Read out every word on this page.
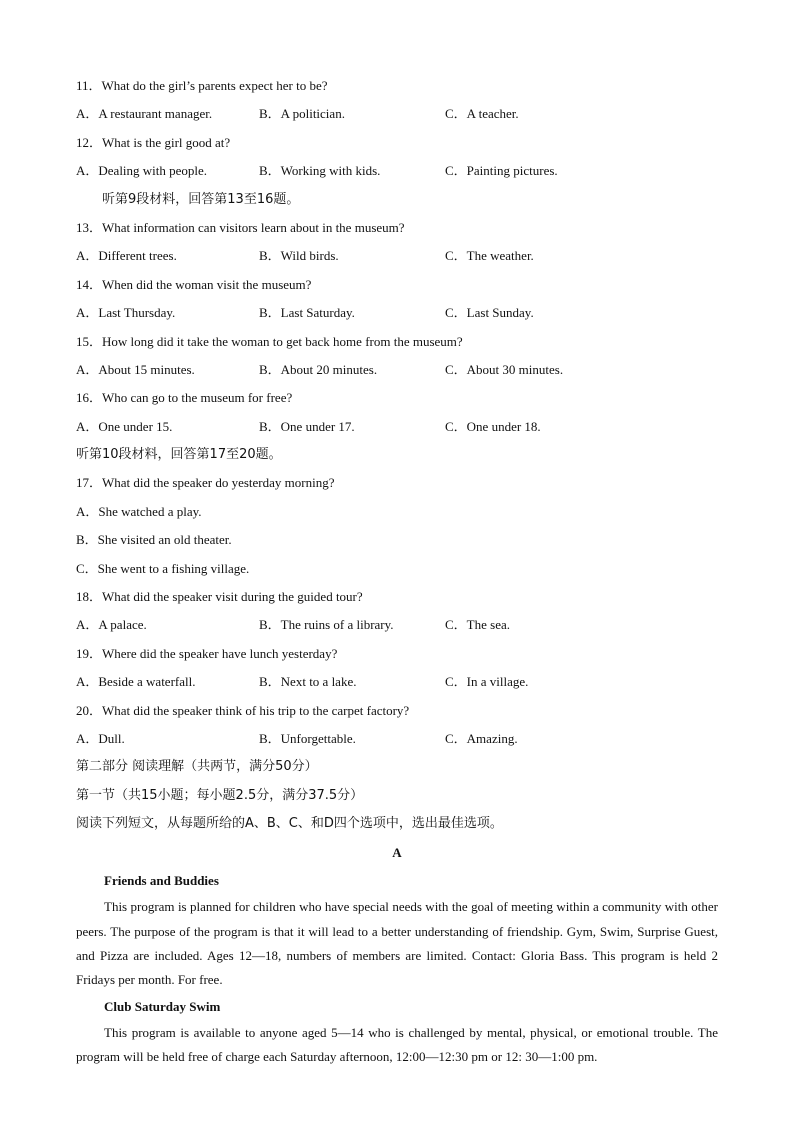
11．What do the girl’s parents expect her to be?
A．A restaurant manager.	B．A politician.	C．A teacher.
12．What is the girl good at?
A．Dealing with people.	B．Working with kids.	C．Painting pictures.
听第9段材料，回答第13至16题。
13．What information can visitors learn about in the museum?
A．Different trees.	B．Wild birds.	C．The weather.
14．When did the woman visit the museum?
A．Last Thursday.	B．Last Saturday.	C．Last Sunday.
15．How long did it take the woman to get back home from the museum?
A．About 15 minutes.	B．About 20 minutes.	C．About 30 minutes.
16．Who can go to the museum for free?
A．One under 15.	B．One under 17.	C．One under 18.
听第10段材料，回答第17至20题。
17．What did the speaker do yesterday morning?
A．She watched a play.
B．She visited an old theater.
C．She went to a fishing village.
18．What did the speaker visit during the guided tour?
A．A palace.	B．The ruins of a library.	C．The sea.
19．Where did the speaker have lunch yesterday?
A．Beside a waterfall.	B．Next to a lake.	C．In a village.
20．What did the speaker think of his trip to the carpet factory?
A．Dull.	B．Unforgettable.	C．Amazing.
第二部分 阅读理解（共两节，满分50分）
第一节（共15小题；每小题2.5分，满分37.5分）
阅读下列短文，从每题所给的A、B、C、和D四个选项中，选出最佳选项。
A
Friends and Buddies

This program is planned for children who have special needs with the goal of meeting within a community with other peers. The purpose of the program is that it will lead to a better understanding of friendship. Gym, Swim, Surprise Guest, and Pizza are included. Ages 12—18, numbers of members are limited. Contact: Gloria Bass. This program is held 2 Fridays per month. For free.

Club Saturday Swim

This program is available to anyone aged 5—14 who is challenged by mental, physical, or emotional trouble. The program will be held free of charge each Saturday afternoon, 12:00—12:30 pm or 12: 30—1:00 pm.
